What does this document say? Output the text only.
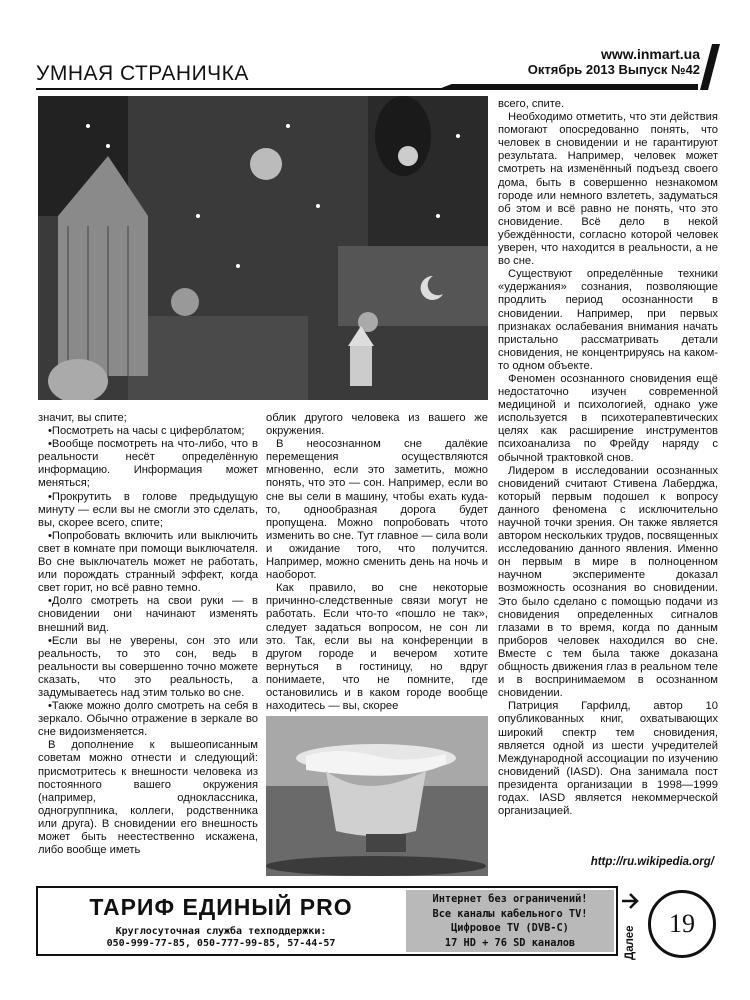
УМНАЯ СТРАНИЧКА
www.inmart.ua
Октябрь 2013 Выпуск №42

значит, вы спите;

•Посмотреть на часы с циферблатом;

•Вообще посмотреть на что-либо, что в реальности несёт определённую информацию. Информация может меняться;

•Прокрутить в голове предыдущую минуту — если вы не смогли это сделать, вы, скорее всего, спите;

•Попробовать включить или выключить свет в комнате при помощи выключателя. Во сне выключатель может не работать, или порождать странный эффект, когда свет горит, но всё равно темно.

•Долго смотреть на свои руки — в сновидении они начинают изменять внешний вид.

•Если вы не уверены, сон это или реальность, то это сон, ведь в реальности вы совершенно точно можете сказать, что это реальность, а задумываетесь над этим только во сне.

•Также можно долго смотреть на себя в зеркало. Обычно отражение в зеркале во сне видоизменяется.

В дополнение к вышеописанным советам можно отнести и следующий: присмотритесь к внешности человека из постоянного вашего окружения (например, одноклассника, одногруппника, коллеги, родственника или друга). В сновидении его внешность может быть неестественно искажена, либо вообще иметь

облик другого человека из вашего же окружения.

В неосознанном сне далёкие перемещения осуществляются мгновенно, если это заметить, можно понять, что это — сон. Например, если во сне вы сели в машину, чтобы ехать куда-то, однообразная дорога будет пропущена. Можно попробовать чтото изменить во сне. Тут главное — сила воли и ожидание того, что получится. Например, можно сменить день на ночь и наоборот.

Как правило, во сне некоторые причинно-следственные связи могут не работать. Если что-то «пошло не так», следует задаться вопросом, не сон ли это. Так, если вы на конференции в другом городе и вечером хотите вернуться в гостиницу, но вдруг понимаете, что не помните, где остановились и в каком городе вообще находитесь — вы, скорее

всего, спите.

Необходимо отметить, что эти действия помогают опосредованно понять, что человек в сновидении и не гарантируют результата. Например, человек может смотреть на изменённый подъезд своего дома, быть в совершенно незнакомом городе или немного взлететь, задуматься об этом и всё равно не понять, что это сновидение. Всё дело в некой убеждённости, согласно которой человек уверен, что находится в реальности, а не во сне.

Существуют определённые техники «удержания» сознания, позволяющие продлить период осознанности в сновидении. Например, при первых признаках ослабевания внимания начать пристально рассматривать детали сновидения, не концентрируясь на каком-то одном объекте.

Феномен осознанного сновидения ещё недостаточно изучен современной медициной и психологией, однако уже используется в психотерапевтических целях как расширение инструментов психоанализа по Фрейду наряду с обычной трактовкой снов.

Лидером в исследовании осознанных сновидений считают Стивена Лаберджа, который первым подошел к вопросу данного феномена с исключительно научной точки зрения. Он также является автором нескольких трудов, посвященных исследованию данного явления. Именно он первым в мире в полноценном научном эксперименте доказал возможность осознания во сновидении. Это было сделано с помощью подачи из сновидения определенных сигналов глазами в то время, когда по данным приборов человек находился во сне. Вместе с тем была также доказана общность движения глаз в реальном теле и в воспринимаемом в осознанном сновидении.

Патриция Гарфилд, автор 10 опубликованных книг, охватывающих широкий спектр тем сновидения, является одной из шести учредителей Международной ассоциации по изучению сновидений (IASD). Она занимала пост президента организации в 1998—1999 годах. IASD является некоммерческой организацией.

http://ru.wikipedia.org/
ТАРИФ ЕДИНЫЙ PRO
Круглосуточная служба техподдержки:
050-999-77-85, 050-777-99-85, 57-44-57
Интернет без ограничений!
Все каналы кабельного TV!
Цифровое TV (DVB-C)
17 HD + 76 SD каналов	Далее
19
